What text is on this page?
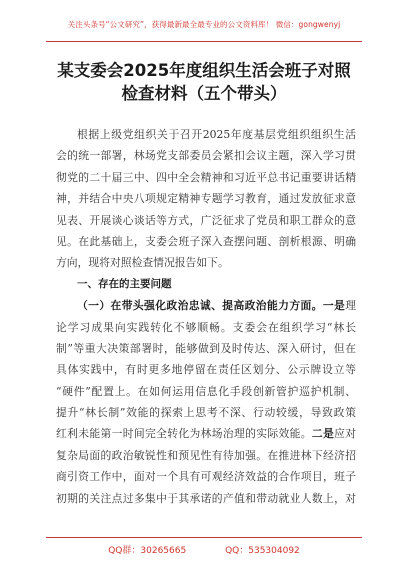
关注头条号“公文研究”，获得最新最全最专业的公文资料库！ 微信：gongwenyj
某支委会2025年度组织生活会班子对照
检查材料（五个带头）
根据上级党组织关于召开2025年度基层党组织组织生活
会的统一部署，林场党支部委员会紧扣会议主题，深入学习贯
彻党的二十届三中、四中全会精神和习近平总书记重要讲话精
神，并结合中央八项规定精神专题学习教育，通过发放征求意
见表、开展谈心谈话等方式，广泛征求了党员和职工群众的意
见。在此基础上，支委会班子深入查摆问题、剖析根源、明确
方向，现将对照检查情况报告如下。
一、存在的主要问题
（一）在带头强化政治忠诚、提高政治能力方面。一是理
论学习成果向实践转化不够顺畅。支委会在组织学习“林长
制”等重大决策部署时，能够做到及时传达、深入研讨，但在
具体实践中，有时更多地停留在责任区划分、公示牌设立等
“硬件”配置上。在如何运用信息化手段创新管护巡护机制、
提升“林长制”效能的探索上思考不深、行动较缓，导致政策
红利未能第一时间完全转化为林场治理的实际效能。二是应对
复杂局面的政治敏锐性和预见性有待加强。在推进林下经济招
商引资工作中，面对一个具有可观经济效益的合作项目，班子
初期的关注点过多集中于其承诺的产值和带动就业人数上，对
QQ群：30265665	QQ：535304092
